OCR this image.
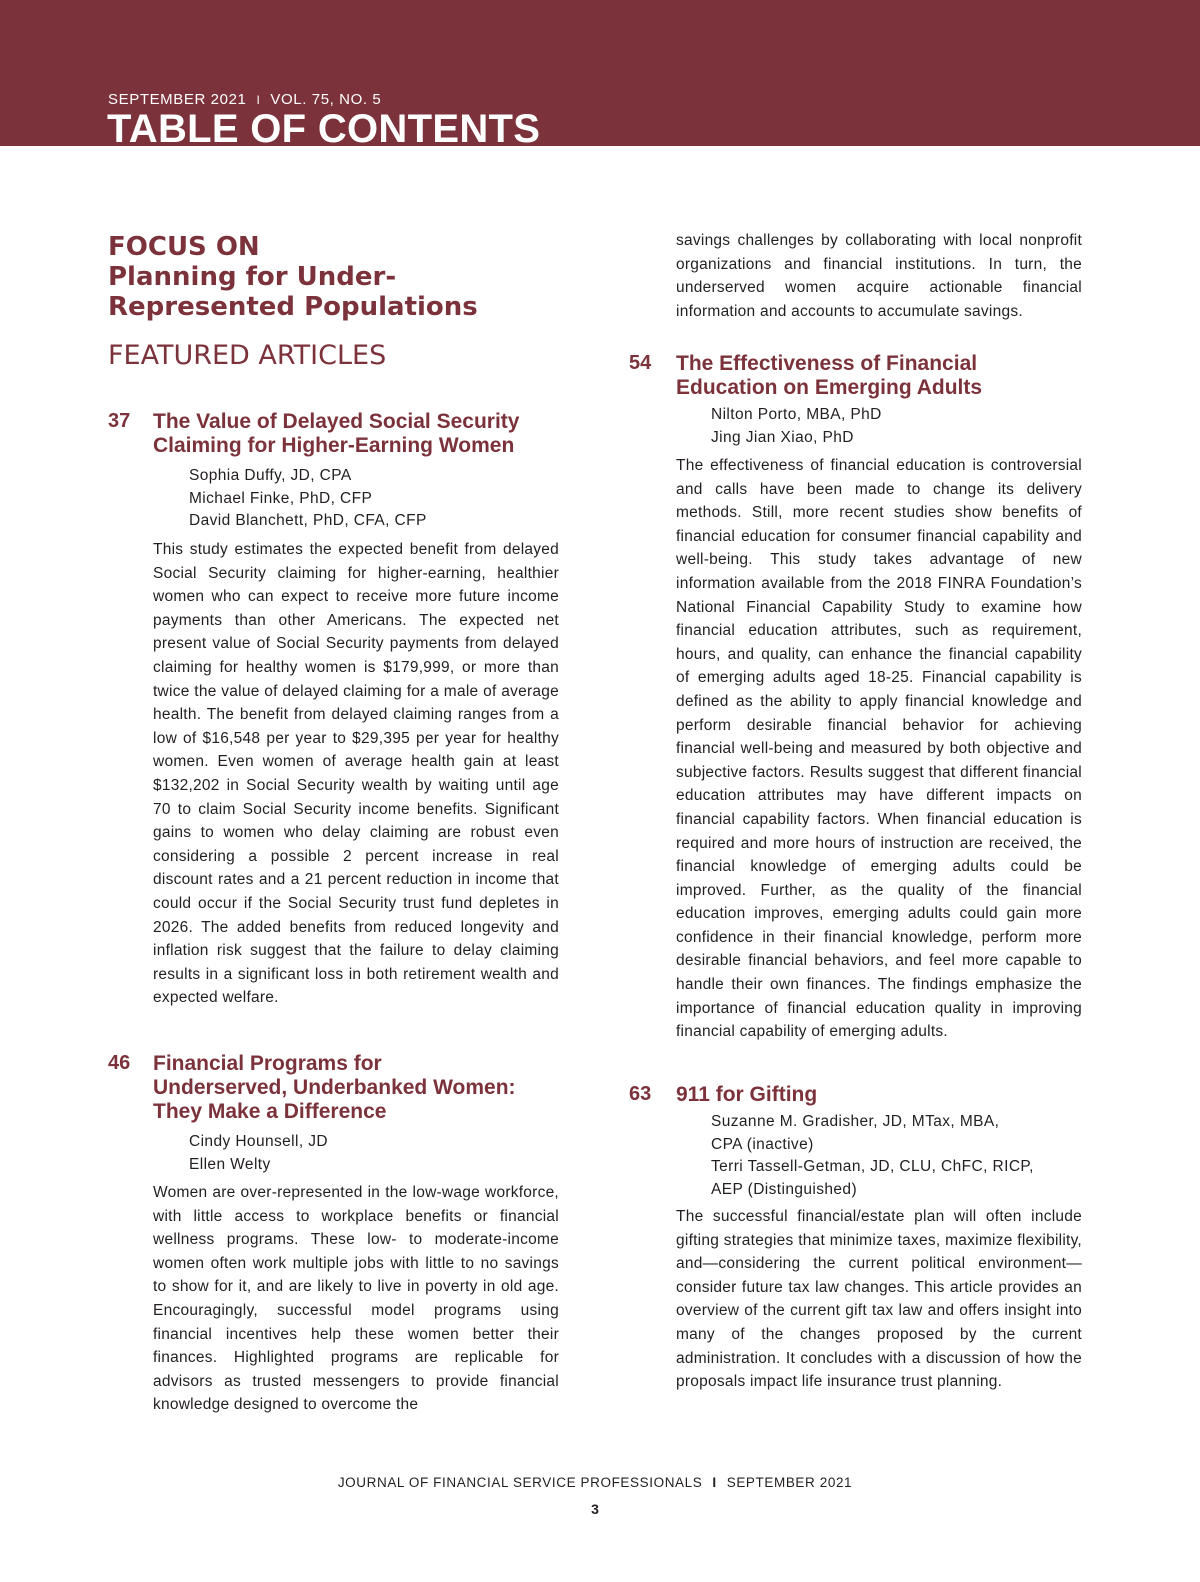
SEPTEMBER 2021 I VOL. 75, NO. 5
TABLE OF CONTENTS
FOCUS ON
Planning for Under-
Represented Populations
FEATURED ARTICLES
37 The Value of Delayed Social Security
Claiming for Higher-Earning Women
Sophia Duffy, JD, CPA
Michael Finke, PhD, CFP
David Blanchett, PhD, CFA, CFP

This study estimates the expected benefit from delayed Social Security claiming for higher-earning, healthier women who can expect to receive more future income payments than other Americans. The expected net present value of Social Security payments from delayed claiming for healthy women is $179,999, or more than twice the value of delayed claiming for a male of average health. The benefit from delayed claiming ranges from a low of $16,548 per year to $29,395 per year for healthy women. Even women of average health gain at least $132,202 in Social Security wealth by waiting until age 70 to claim Social Security income benefits. Significant gains to women who delay claiming are robust even considering a possible 2 percent increase in real discount rates and a 21 percent reduction in income that could occur if the Social Security trust fund depletes in 2026. The added benefits from reduced longevity and inflation risk suggest that the failure to delay claiming results in a significant loss in both retirement wealth and expected welfare.

46 Financial Programs for
Underserved, Underbanked Women:
They Make a Difference
Cindy Hounsell, JD
Ellen Welty

Women are over-represented in the low-wage workforce, with little access to workplace benefits or financial wellness programs. These low- to moderate-income women often work multiple jobs with little to no savings to show for it, and are likely to live in poverty in old age. Encouragingly, successful model programs using financial incentives help these women better their finances. Highlighted programs are replicable for advisors as trusted messengers to provide financial knowledge designed to overcome the

savings challenges by collaborating with local nonprofit organizations and financial institutions. In turn, the underserved women acquire actionable financial information and accounts to accumulate savings.

54 The Effectiveness of Financial
Education on Emerging Adults
Nilton Porto, MBA, PhD
Jing Jian Xiao, PhD

The effectiveness of financial education is controversial and calls have been made to change its delivery methods. Still, more recent studies show benefits of financial education for consumer financial capability and well-being. This study takes advantage of new information available from the 2018 FINRA Foundation’s National Financial Capability Study to examine how financial education attributes, such as requirement, hours, and quality, can enhance the financial capability of emerging adults aged 18-25. Financial capability is defined as the ability to apply financial knowledge and perform desirable financial behavior for achieving financial well-being and measured by both objective and subjective factors. Results suggest that different financial education attributes may have different impacts on financial capability factors. When financial education is required and more hours of instruction are received, the financial knowledge of emerging adults could be improved. Further, as the quality of the financial education improves, emerging adults could gain more confidence in their financial knowledge, perform more desirable financial behaviors, and feel more capable to handle their own finances. The findings emphasize the importance of financial education quality in improving financial capability of emerging adults.

63 911 for Gifting
Suzanne M. Gradisher, JD, MTax, MBA,
CPA (inactive)
Terri Tassell-Getman, JD, CLU, ChFC, RICP,
AEP (Distinguished)

The successful financial/estate plan will often include gifting strategies that minimize taxes, maximize flexibility, and—considering the current political environment—consider future tax law changes. This article provides an overview of the current gift tax law and offers insight into many of the changes proposed by the current administration. It concludes with a discussion of how the proposals impact life insurance trust planning.

JOURNAL OF FINANCIAL SERVICE PROFESSIONALS I SEPTEMBER 2021
3
